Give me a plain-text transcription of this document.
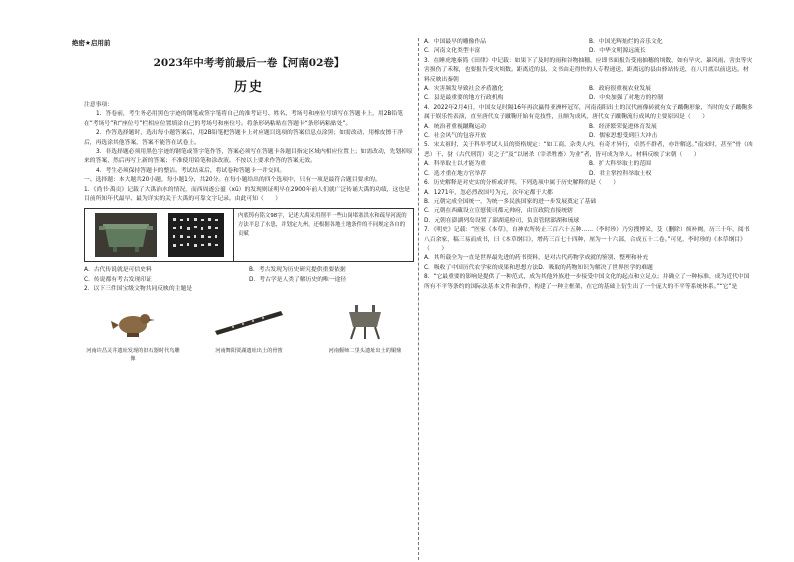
绝密★启用前
2023年中考考前最后一卷【河南02卷】
历史

注意事项：

1．答卷前，考生务必用黑色字迹的钢笔或签字笔将自己的准考证号、姓名、考场号和座位号填写在答题卡上，用2B铅笔在“考场号”和“座位号”栏相应位置填涂自己的考场号和座位号。将条形码粘贴在答题卡“条形码粘贴处”。

2．作答选择题时，选出每小题答案后，用2B铅笔把答题卡上对应题目选项的答案信息点涂黑；如需改动，用橡皮擦干净后，再选涂其他答案，答案不能答在试卷上。

3．非选择题必须用黑色字迹的钢笔或签字笔作答，答案必须写在答题卡各题目指定区域内相应位置上；如需改动，先划掉原来的答案，然后再写上新的答案；不准使用铅笔和涂改液。不按以上要求作答的答案无效。

4．考生必须保持答题卡的整洁。考试结束后，将试卷和答题卡一并交回。

一、选择题：本大题共20小题，每小题1分，共20分。在每小题给出的四个选项中，只有一项是最符合题目要求的。

1．《尚书·禹贡》记载了大禹治水的情况，而西周遂公盨（xū）的发现则证明早在2900年前人们就广泛传诵大禹的功绩，这也是目前所知年代最早、最为详实的关于大禹的可靠文字记录。由此可知（　　）

内底铸有铭文98字，记述大禹采用削平一些山岗堵塞洪水和疏导河流的方法平息了水患，并划定九州，还根据各地土地条件的不同规定各自的贡赋
A．古代传说就是可信史料	B．考古发现为历史研究提供重要依据
C．传说都有考古发现印证	D．考古学是人类了解历史的唯一途径

2．以下三件国宝级文物共同反映的主题是

河南许昌灵井遗址发现的旧石器时代鸟雕像
河南舞阳贾湖遗址出土的骨笛	河南偃师二里头遗址出土的铜鼎
A．中国最早的雕像作品	B．中国光辉灿烂的音乐文化
C．河南文化类型丰富	D．中华文明源远流长

3．在睡虎地秦简《田律》中记载：如果下了及时的雨和谷物抽穗，应即书面报告受雨抽穗的顷数，如有旱灾、暴风雨、害虫等灾害损伤了禾稼，也要报告受灾顷数。距离近的县，文书由走得快的人专程递送，距离远的县由驿站传送，在八月底以前送达。材料反映出秦朝

A．灾害频发导致社会矛盾激化	B．政府很重视农业发展
C．县是最重要的地方行政机构	D．中央加强了对地方的控制

4．2022年2月4日，中国女足时隔16年再次赢得亚洲杯冠军，河南南阳出土的汉代画像砖就有女子蹴鞠形象，当时的女子蹴鞠多属于娱乐性表演，直至唐代女子蹴鞠开始有竞技性，且颇为成风，唐代女子蹴鞠流行成风的主要原因是（　　）

A．统治者重视蹴鞠运动	B．经济繁荣促进体育发展
C．社会风气的包容开放	D．儒家思想受到巨大冲击

5．宋太祖时，关于科举考试人员的资格规定：“如工商、杂类人内，有奇才异行，卓然不群者，亦许解送。”南宋时，甚至“骨（凶恶）干、豺（古代刑罚）吏之子”及“以屠杀（宰杀牲畜）为业”者，皆可成为举人。材料反映了宋朝（　　）

A．科举取士以才能为重	B．扩大科举取士的范围
C．选才重在地方官举荐	D．君主掌控科举取士权

6．历史解释是对史实的分析或评判。下列选项中属于历史解释的是（　　）

A．1271年，忽必烈改国号为元，次年定都于大都

B．元朝完成全国统一，为统一多民族国家的进一步发展奠定了基础

C．元朝在西藏设立宣慰使司都元帅府，由宣政院直接统辖

D．元朝在澎湖列岛设置了澎湖巡检司，负责管辖澎湖和琉球

7．《明史》记载：“医家《本草》，自神农所传止三百六十五种……（李时珍）乃穷搜博采，芟（删除）烦补阙，历三十年，阅书八百余家，稿三易而成书，曰《本草纲目》，增药三百七十四种，厘为一十六部，合成五十二卷。”可见，李时珍的《本草纲目》（　　）

A．其所载全为一直是世界最先进的药书资料，是对古代药物学成就的鉴别、整理和补充

C．吸收了中国历代农学家的成果和思想方法D．吸取的药物知识为解决了世界医学的难题

8．“它最重要的影响是提供了一种范式，成为其他外族进一步接受中国文化的起点和立足点；并确立了一种标准，成为近代中国所有不平等条约的国际法基本文件和条件，构建了一种主框架，在它的基础上衍生出了一个庞大的不平等系统体系。”“它”是
